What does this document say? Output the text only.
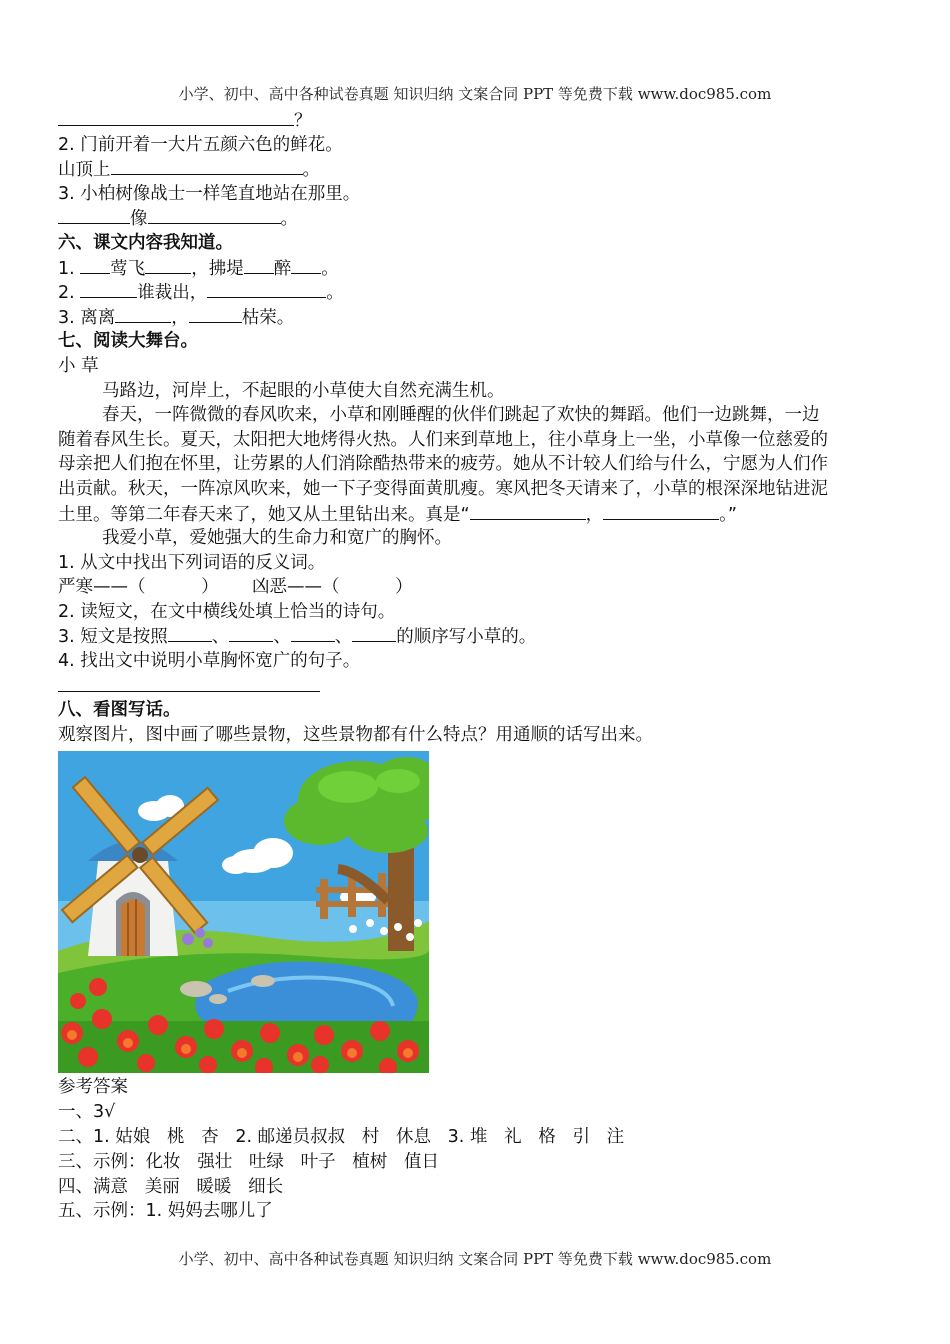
小学、初中、高中各种试卷真题 知识归纳 文案合同 PPT 等免费下载 www.doc985.com
？
2. 门前开着一大片五颜六色的鲜花。
山顶上	。
3. 小柏树像战士一样笔直地站在那里。
像	。
六、课文内容我知道。
1. 莺飞	，拂堤 醉 。
2.	谁裁出，	。
3. 离离	，	枯荣。
七、阅读大舞台。
小 草
马路边，河岸上，不起眼的小草使大自然充满生机。
春天，一阵微微的春风吹来，小草和刚睡醒的伙伴们跳起了欢快的舞蹈。他们一边跳舞，一边
随着春风生长。夏天，太阳把大地烤得火热。人们来到草地上，往小草身上一坐，小草像一位慈爱的
母亲把人们抱在怀里，让劳累的人们消除酷热带来的疲劳。她从不计较人们给与什么，宁愿为人们作
出贡献。秋天，一阵凉风吹来，她一下子变得面黄肌瘦。寒风把冬天请来了，小草的根深深地钻进泥
土里。等第二年春天来了，她又从土里钻出来。真是“	，	。”
我爱小草，爱她强大的生命力和宽广的胸怀。
1. 从文中找出下列词语的反义词。
严寒——（          ）      凶恶——（          ）
2. 读短文，在文中横线处填上恰当的诗句。
3. 短文是按照	、	、	、	的顺序写小草的。
4. 找出文中说明小草胸怀宽广的句子。
八、看图写话。
观察图片，图中画了哪些景物，这些景物都有什么特点？用通顺的话写出来。
参考答案
一、3√
二、1. 姑娘   桃   杏   2. 邮递员叔叔   村   休息   3. 堆   礼   格   引   注
三、示例：化妆   强壮   吐绿   叶子   植树   值日
四、满意   美丽   暖暖   细长
五、示例：1. 妈妈去哪儿了
小学、初中、高中各种试卷真题 知识归纳 文案合同 PPT 等免费下载 www.doc985.com
